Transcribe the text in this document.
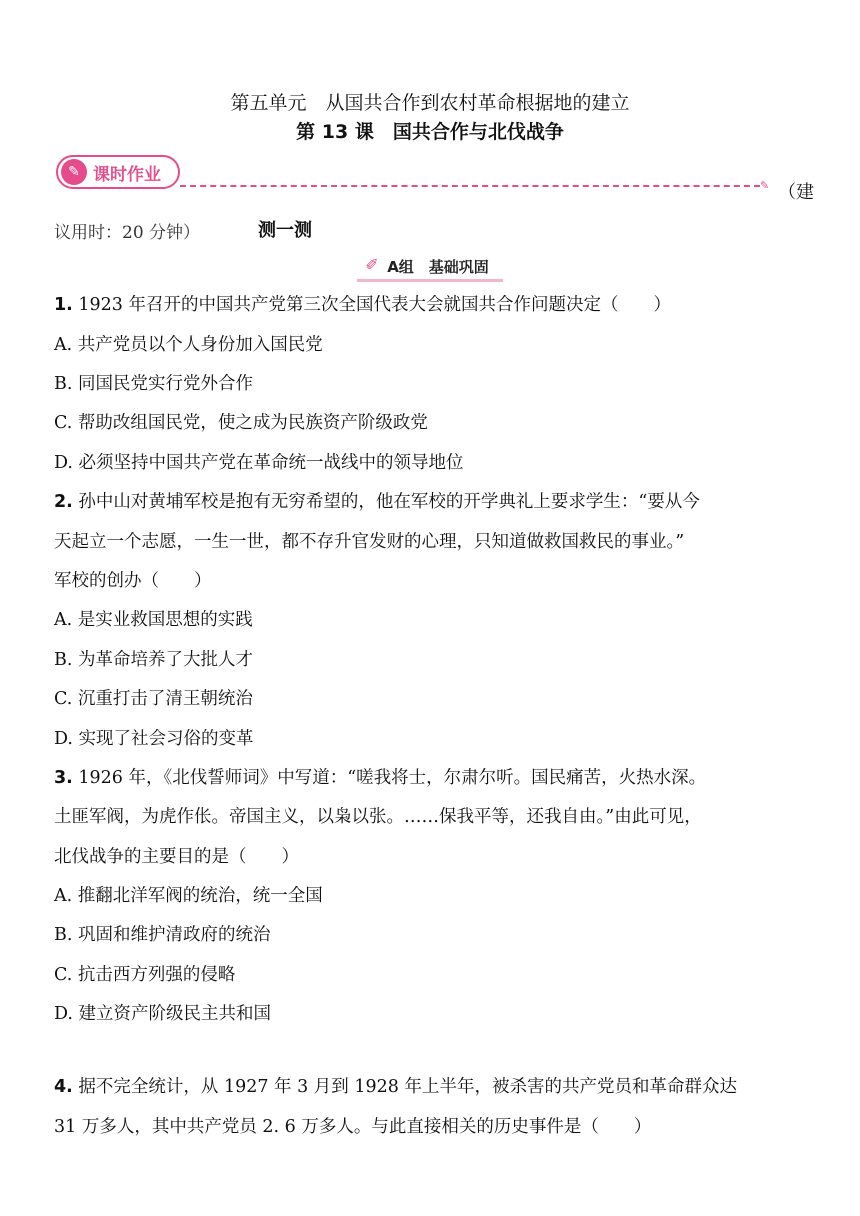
第五单元　从国共合作到农村革命根据地的建立
第 13 课　国共合作与北伐战争
✎ 课时作业
✎ （建
议用时：20 分钟）	测一测
✐ A组　基础巩固
1. 1923 年召开的中国共产党第三次全国代表大会就国共合作问题决定（　　）
A. 共产党员以个人身份加入国民党
B. 同国民党实行党外合作
C. 帮助改组国民党，使之成为民族资产阶级政党
D. 必须坚持中国共产党在革命统一战线中的领导地位
2. 孙中山对黄埔军校是抱有无穷希望的，他在军校的开学典礼上要求学生：“要从今
天起立一个志愿，一生一世，都不存升官发财的心理，只知道做救国救民的事业。”
军校的创办（　　）
A. 是实业救国思想的实践
B. 为革命培养了大批人才
C. 沉重打击了清王朝统治
D. 实现了社会习俗的变革
3. 1926 年，《北伐誓师词》中写道：“嗟我将士，尔肃尔听。国民痛苦，火热水深。
土匪军阀，为虎作伥。帝国主义，以枭以张。……保我平等，还我自由。”由此可见，
北伐战争的主要目的是（　　）
A. 推翻北洋军阀的统治，统一全国
B. 巩固和维护清政府的统治
C. 抗击西方列强的侵略
D. 建立资产阶级民主共和国
4. 据不完全统计，从 1927 年 3 月到 1928 年上半年，被杀害的共产党员和革命群众达
31 万多人，其中共产党员 2. 6 万多人。与此直接相关的历史事件是（　　）
